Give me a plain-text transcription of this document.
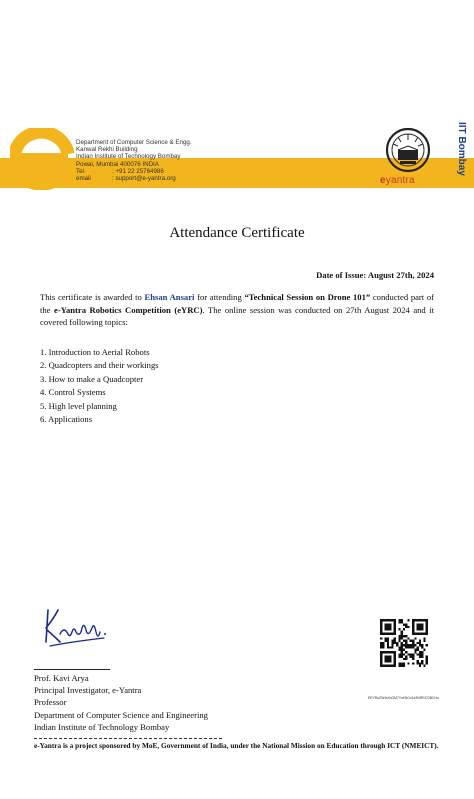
Department of Computer Science & Engg.
Kanwal Rekhi Building
Indian Institute of Technology Bombay
Powai, Mumbai 400076 INDIA
Tel.	: +91 22 25764986
email	: support@e-yantra.org	eyantra
IIT Bombay
Attendance Certificate
Date of Issue: August 27th, 2024
This certificate is awarded to Ehsan Ansari for attending “Technical Session on Drone 101” conducted part of the e-Yantra Robotics Competition (eYRC). The online session was conducted on 27th August 2024 and it covered following topics:
1. Introduction to Aerial Robots
2. Quadcopters and their workings
3. How to make a Quadcopter
4. Control Systems
5. High level planning
6. Applications
Prof. Kavi Arya
Principal Investigator, e-Yantra
Professor
Department of Computer Science and Engineering
Indian Institute of Technology Bombay
EEYRsZNHsXxOM7YvKNOv1e3NRRCOBCHu
e-Yantra is a project sponsored by MoE, Government of India, under the National Mission on Education through ICT (NMEICT).
